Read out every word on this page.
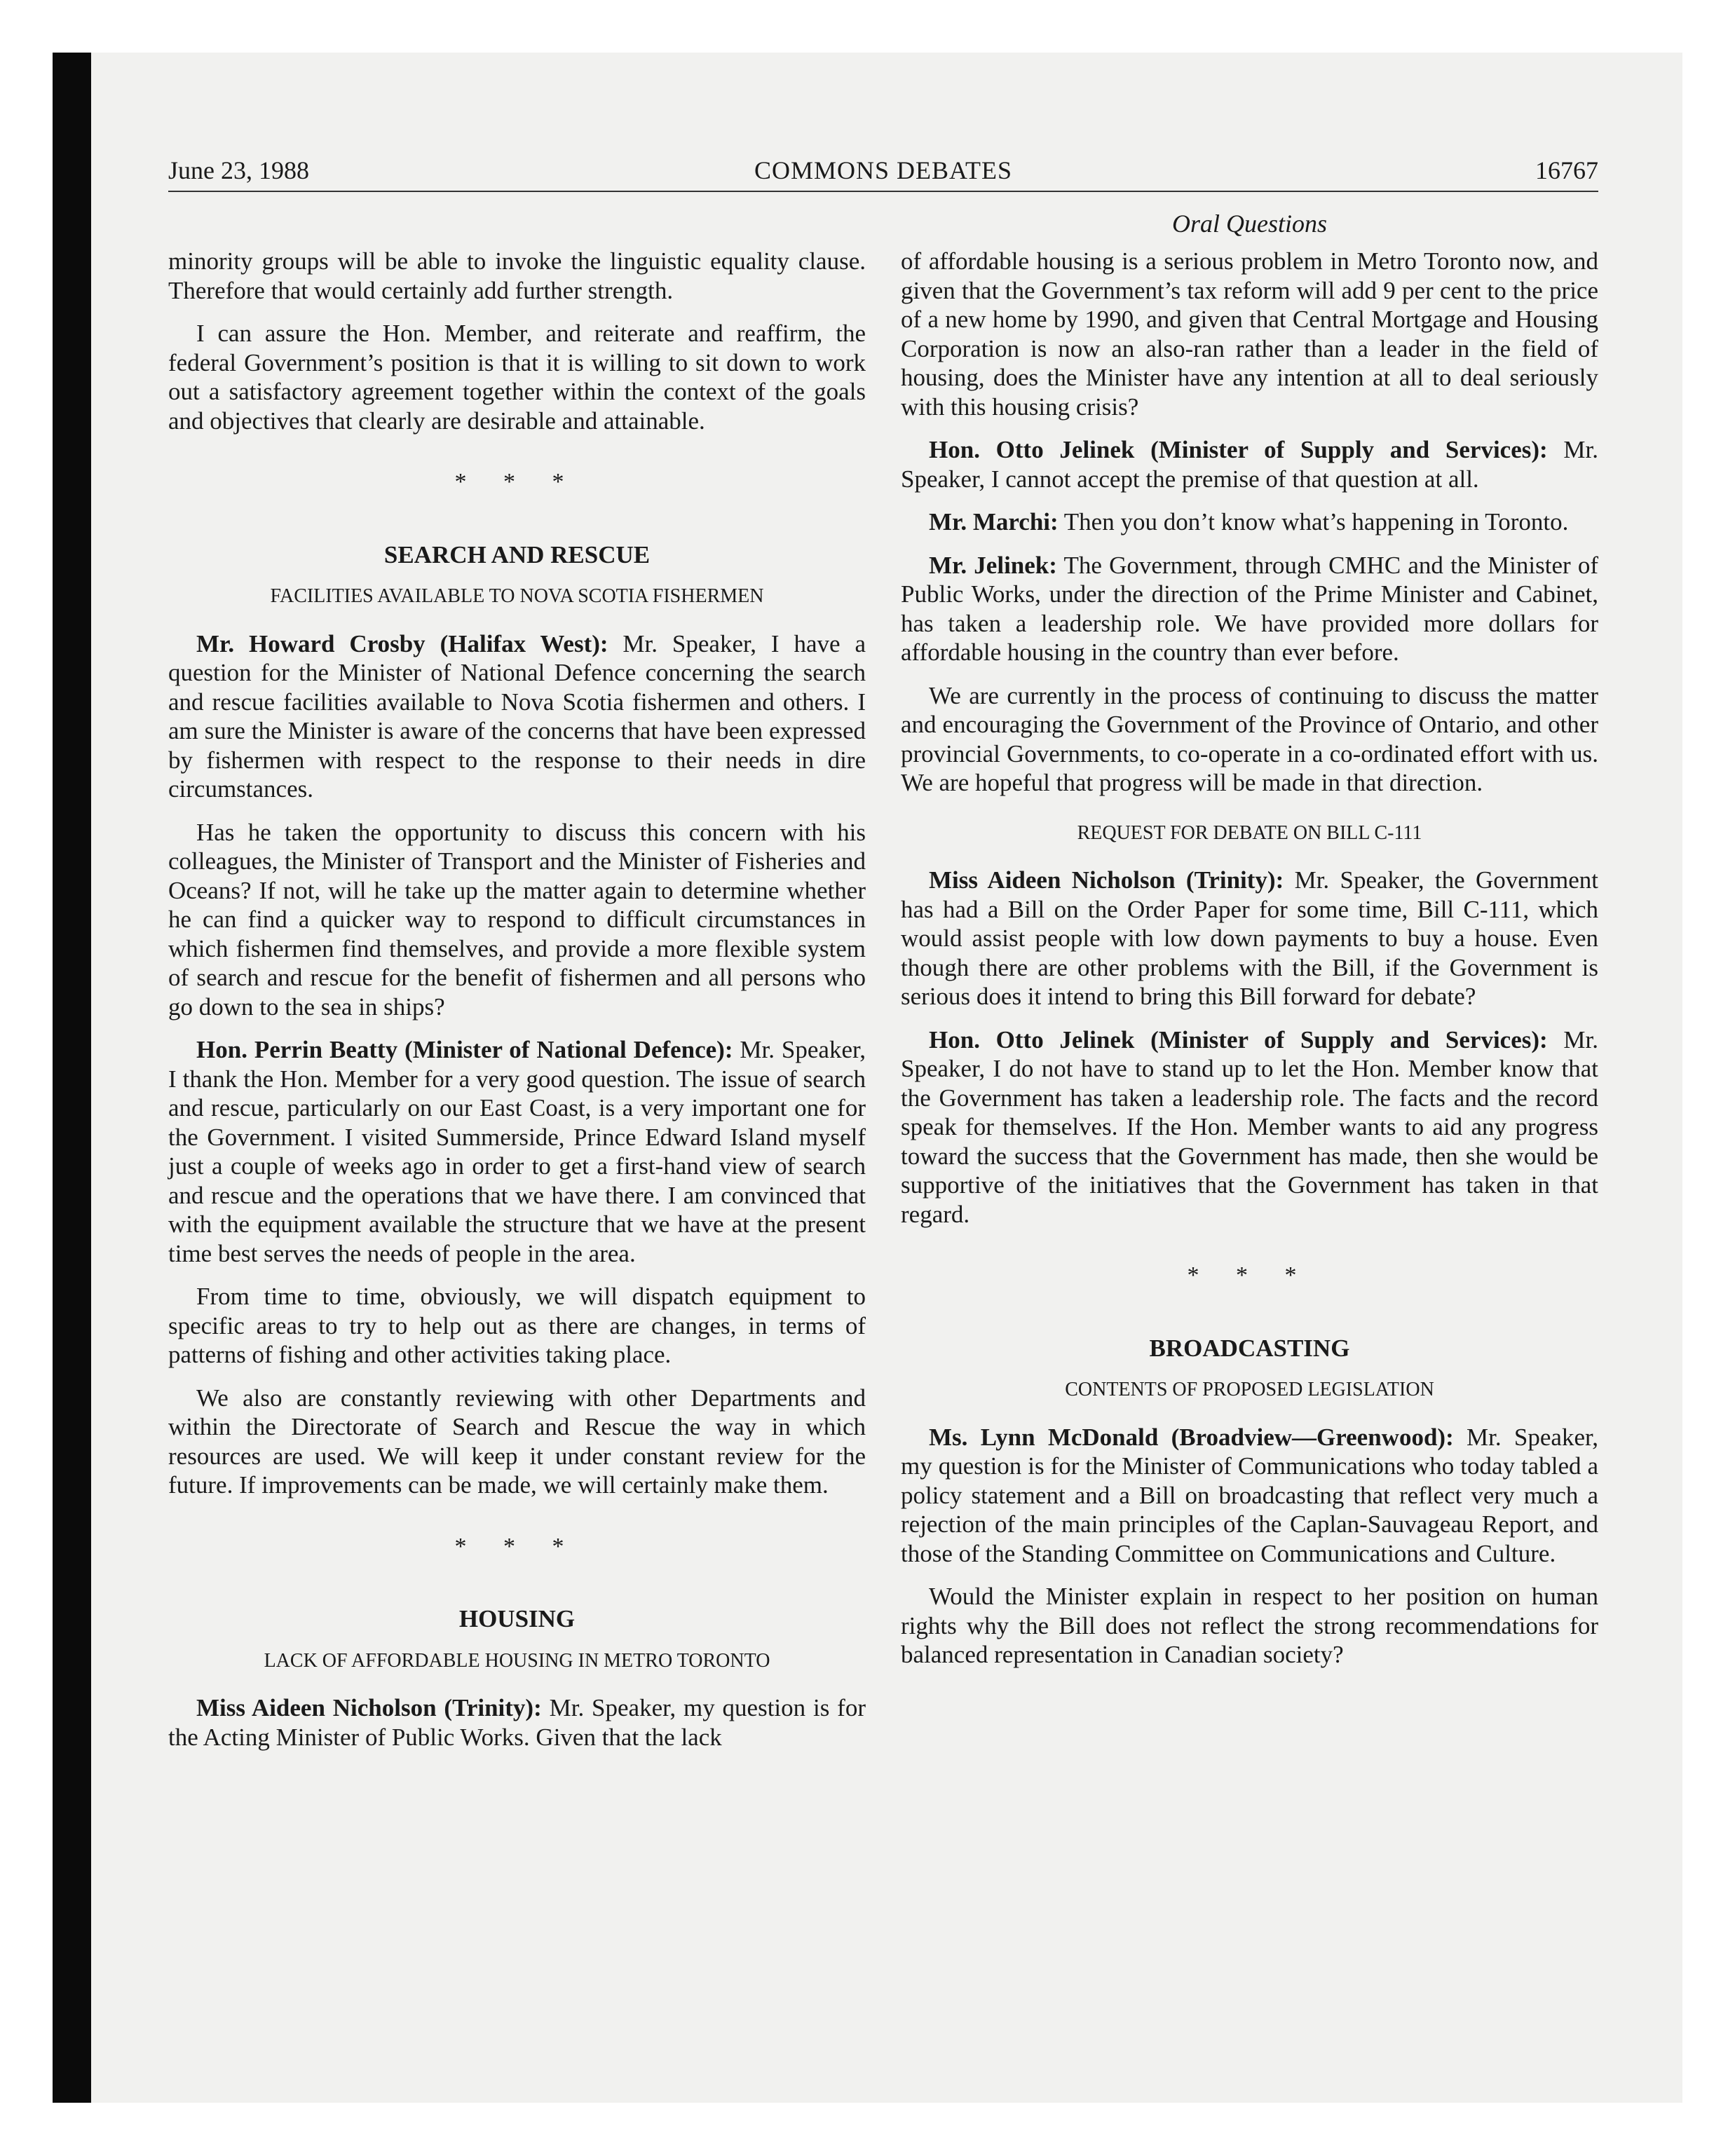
June 23, 1988	COMMONS DEBATES	16767
Oral Questions

minority groups will be able to invoke the linguistic equality clause. Therefore that would certainly add further strength.

I can assure the Hon. Member, and reiterate and reaffirm, the federal Government’s position is that it is willing to sit down to work out a satisfactory agreement together within the context of the goals and objectives that clearly are desirable and attainable.

* * *
SEARCH AND RESCUE
FACILITIES AVAILABLE TO NOVA SCOTIA FISHERMEN

Mr. Howard Crosby (Halifax West): Mr. Speaker, I have a question for the Minister of National Defence concerning the search and rescue facilities available to Nova Scotia fishermen and others. I am sure the Minister is aware of the concerns that have been expressed by fishermen with respect to the response to their needs in dire circumstances.

Has he taken the opportunity to discuss this concern with his colleagues, the Minister of Transport and the Minister of Fisheries and Oceans? If not, will he take up the matter again to determine whether he can find a quicker way to respond to difficult circumstances in which fishermen find themselves, and provide a more flexible system of search and rescue for the benefit of fishermen and all persons who go down to the sea in ships?

Hon. Perrin Beatty (Minister of National Defence): Mr. Speaker, I thank the Hon. Member for a very good question. The issue of search and rescue, particularly on our East Coast, is a very important one for the Government. I visited Summerside, Prince Edward Island myself just a couple of weeks ago in order to get a first-hand view of search and rescue and the operations that we have there. I am convinced that with the equipment available the structure that we have at the present time best serves the needs of people in the area.

From time to time, obviously, we will dispatch equipment to specific areas to try to help out as there are changes, in terms of patterns of fishing and other activities taking place.

We also are constantly reviewing with other Departments and within the Directorate of Search and Rescue the way in which resources are used. We will keep it under constant review for the future. If improvements can be made, we will certainly make them.

* * *
HOUSING
LACK OF AFFORDABLE HOUSING IN METRO TORONTO

Miss Aideen Nicholson (Trinity): Mr. Speaker, my question is for the Acting Minister of Public Works. Given that the lack

of affordable housing is a serious problem in Metro Toronto now, and given that the Government’s tax reform will add 9 per cent to the price of a new home by 1990, and given that Central Mortgage and Housing Corporation is now an also-ran rather than a leader in the field of housing, does the Minister have any intention at all to deal seriously with this housing crisis?

Hon. Otto Jelinek (Minister of Supply and Services): Mr. Speaker, I cannot accept the premise of that question at all.

Mr. Marchi: Then you don’t know what’s happening in Toronto.

Mr. Jelinek: The Government, through CMHC and the Minister of Public Works, under the direction of the Prime Minister and Cabinet, has taken a leadership role. We have provided more dollars for affordable housing in the country than ever before.

We are currently in the process of continuing to discuss the matter and encouraging the Government of the Province of Ontario, and other provincial Governments, to co-operate in a co-ordinated effort with us. We are hopeful that progress will be made in that direction.

REQUEST FOR DEBATE ON BILL C-111

Miss Aideen Nicholson (Trinity): Mr. Speaker, the Government has had a Bill on the Order Paper for some time, Bill C-111, which would assist people with low down payments to buy a house. Even though there are other problems with the Bill, if the Government is serious does it intend to bring this Bill forward for debate?

Hon. Otto Jelinek (Minister of Supply and Services): Mr. Speaker, I do not have to stand up to let the Hon. Member know that the Government has taken a leadership role. The facts and the record speak for themselves. If the Hon. Member wants to aid any progress toward the success that the Government has made, then she would be supportive of the initiatives that the Government has taken in that regard.

* * *
BROADCASTING
CONTENTS OF PROPOSED LEGISLATION

Ms. Lynn McDonald (Broadview—Greenwood): Mr. Speaker, my question is for the Minister of Communications who today tabled a policy statement and a Bill on broadcasting that reflect very much a rejection of the main principles of the Caplan-Sauvageau Report, and those of the Standing Committee on Communications and Culture.

Would the Minister explain in respect to her position on human rights why the Bill does not reflect the strong recommendations for balanced representation in Canadian society?
